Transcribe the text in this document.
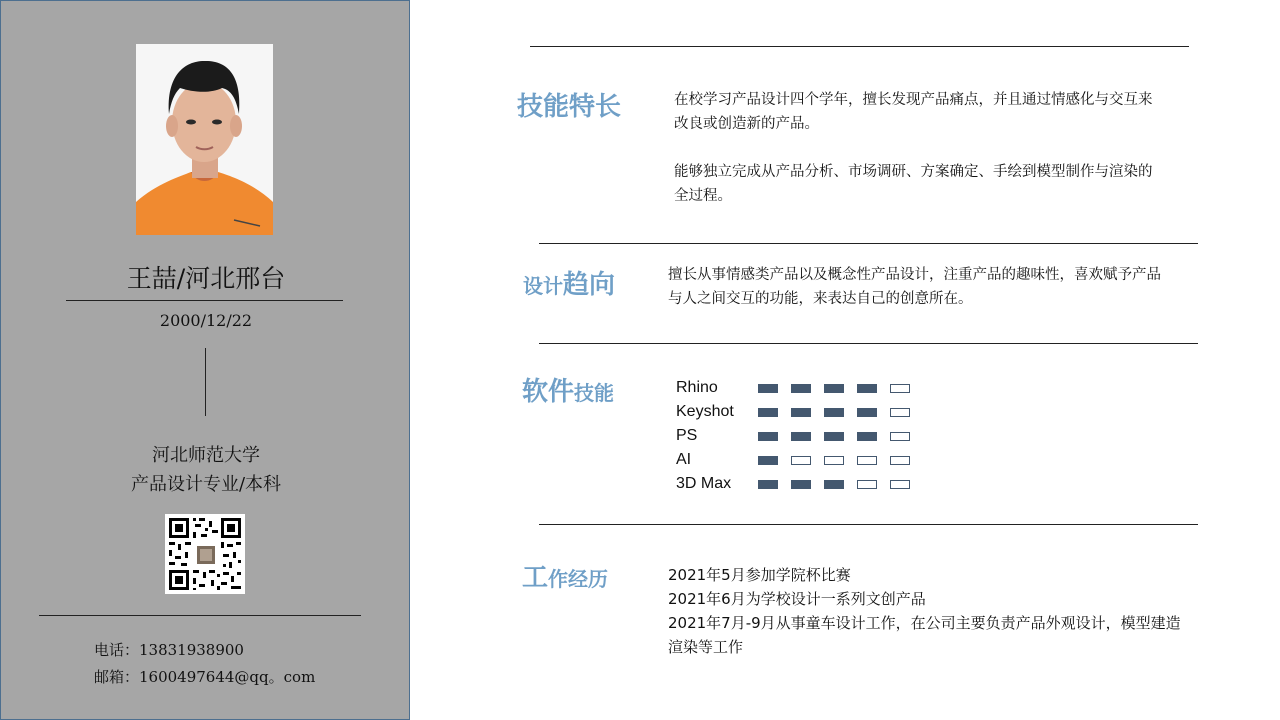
王喆/河北邢台
2000/12/22
河北师范大学
产品设计专业/本科
电话：13831938900
邮箱：1600497644@qq。com
技能特长	在校学习产品设计四个学年，擅长发现产品痛点，并且通过情感化与交互来改良或创造新的产品。
能够独立完成从产品分析、市场调研、方案确定、手绘到模型制作与渲染的全过程。
设计趋向	擅长从事情感类产品以及概念性产品设计，注重产品的趣味性，喜欢赋予产品与人之间交互的功能，来表达自己的创意所在。
软件技能	Rhino
Keyshot
PS
AI
3D Max
工作经历	2021年5月参加学院杯比赛
2021年6月为学校设计一系列文创产品
2021年7月-9月从事童车设计工作，在公司主要负责产品外观设计，模型建造渲染等工作
